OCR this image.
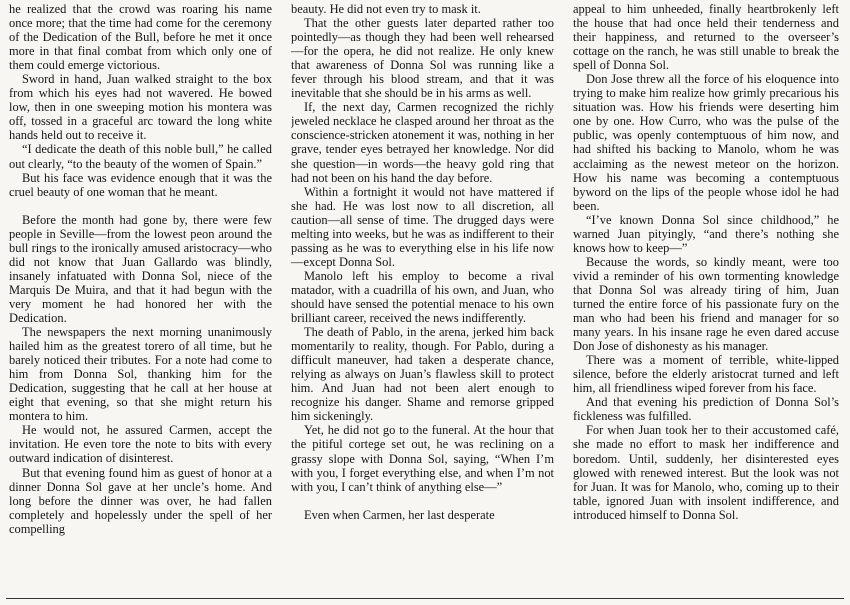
he realized that the crowd was roaring his name once more; that the time had come for the ceremony of the Dedication of the Bull, before he met it once more in that final combat from which only one of them could emerge victorious.

Sword in hand, Juan walked straight to the box from which his eyes had not wavered. He bowed low, then in one sweeping motion his montera was off, tossed in a graceful arc toward the long white hands held out to receive it.

“I dedicate the death of this noble bull,” he called out clearly, “to the beauty of the women of Spain.”

But his face was evidence enough that it was the cruel beauty of one woman that he meant.

Before the month had gone by, there were few people in Seville—from the lowest peon around the bull rings to the ironically amused aristocracy—who did not know that Juan Gallardo was blindly, insanely infatuated with Donna Sol, niece of the Marquis De Muira, and that it had begun with the very moment he had honored her with the Dedication.

The newspapers the next morning unanimously hailed him as the greatest torero of all time, but he barely noticed their tributes. For a note had come to him from Donna Sol, thanking him for the Dedication, suggesting that he call at her house at eight that evening, so that she might return his montera to him.

He would not, he assured Carmen, accept the invitation. He even tore the note to bits with every outward indication of disinterest.

But that evening found him as guest of honor at a dinner Donna Sol gave at her uncle’s home. And long before the dinner was over, he had fallen completely and hopelessly under the spell of her compelling

beauty. He did not even try to mask it.

That the other guests later departed rather too pointedly—as though they had been well rehearsed—for the opera, he did not realize. He only knew that awareness of Donna Sol was running like a fever through his blood stream, and that it was inevitable that she should be in his arms as well.

If, the next day, Carmen recognized the richly jeweled necklace he clasped around her throat as the conscience-stricken atonement it was, nothing in her grave, tender eyes betrayed her knowledge. Nor did she question—in words—the heavy gold ring that had not been on his hand the day before.

Within a fortnight it would not have mattered if she had. He was lost now to all discretion, all caution—all sense of time. The drugged days were melting into weeks, but he was as indifferent to their passing as he was to everything else in his life now—except Donna Sol.

Manolo left his employ to become a rival matador, with a cuadrilla of his own, and Juan, who should have sensed the potential menace to his own brilliant career, received the news indifferently.

The death of Pablo, in the arena, jerked him back momentarily to reality, though. For Pablo, during a difficult maneuver, had taken a desperate chance, relying as always on Juan’s flawless skill to protect him. And Juan had not been alert enough to recognize his danger. Shame and remorse gripped him sickeningly.

Yet, he did not go to the funeral. At the hour that the pitiful cortege set out, he was reclining on a grassy slope with Donna Sol, saying, “When I’m with you, I forget everything else, and when I’m not with you, I can’t think of anything else—”

Even when Carmen, her last desperate

appeal to him unheeded, finally heartbrokenly left the house that had once held their tenderness and their happiness, and returned to the overseer’s cottage on the ranch, he was still unable to break the spell of Donna Sol.

Don Jose threw all the force of his eloquence into trying to make him realize how grimly precarious his situation was. How his friends were deserting him one by one. How Curro, who was the pulse of the public, was openly contemptuous of him now, and had shifted his backing to Manolo, whom he was acclaiming as the newest meteor on the horizon. How his name was becoming a contemptuous byword on the lips of the people whose idol he had been.

“I’ve known Donna Sol since childhood,” he warned Juan pityingly, “and there’s nothing she knows how to keep—”

Because the words, so kindly meant, were too vivid a reminder of his own tormenting knowledge that Donna Sol was already tiring of him, Juan turned the entire force of his passionate fury on the man who had been his friend and manager for so many years. In his insane rage he even dared accuse Don Jose of dishonesty as his manager.

There was a moment of terrible, white-lipped silence, before the elderly aristocrat turned and left him, all friendliness wiped forever from his face.

And that evening his prediction of Donna Sol’s fickleness was fulfilled.

For when Juan took her to their accustomed café, she made no effort to mask her indifference and boredom. Until, suddenly, her disinterested eyes glowed with renewed interest. But the look was not for Juan. It was for Manolo, who, coming up to their table, ignored Juan with insolent indifference, and introduced himself to Donna Sol.
